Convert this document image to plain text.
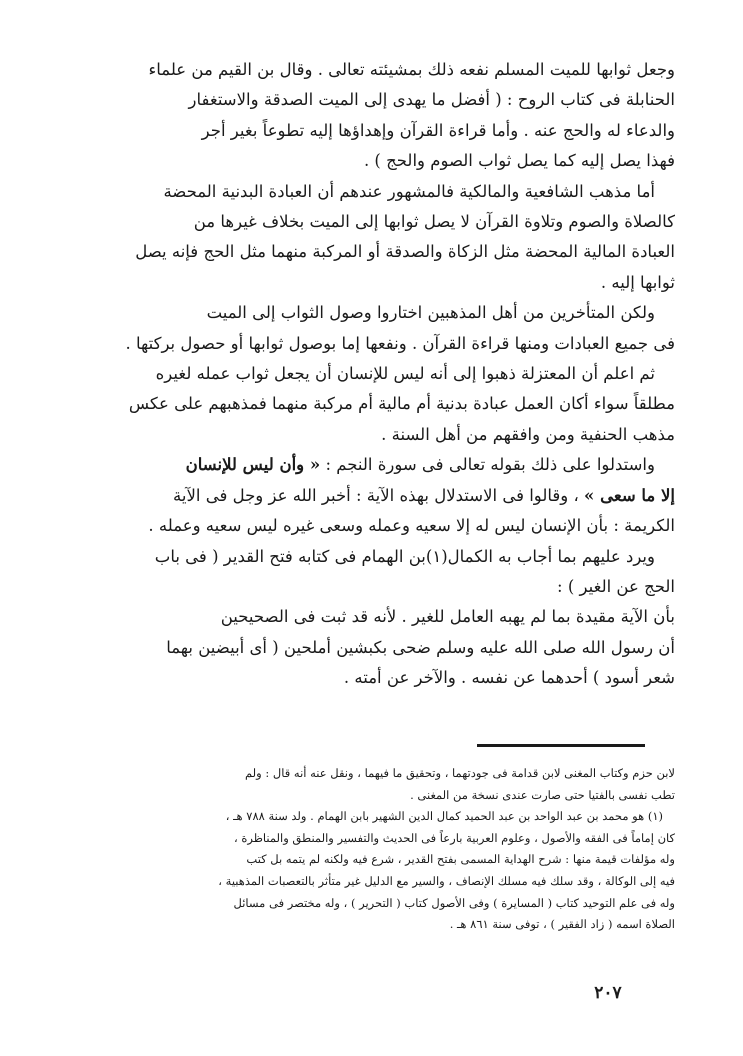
وجعل ثوابها للميت المسلم نفعه ذلك بمشيئته تعالى . وقال بن القيم من علماء
الحنابلة فى كتاب الروح : ( أفضل ما يهدى إلى الميت الصدقة والاستغفار
والدعاء له والحج عنه . وأما قراءة القرآن وإهداؤها إليه تطوعاً بغير أجر
فهذا يصل إليه كما يصل ثواب الصوم والحج ) .

أما مذهب الشافعية والمالكية فالمشهور عندهم أن العبادة البدنية المحضة
كالصلاة والصوم وتلاوة القرآن لا يصل ثوابها إلى الميت بخلاف غيرها من
العبادة المالية المحضة مثل الزكاة والصدقة أو المركبة منهما مثل الحج فإنه يصل
ثوابها إليه .

ولكن المتأخرين من أهل المذهبين اختاروا وصول الثواب إلى الميت
فى جميع العبادات ومنها قراءة القرآن . ونفعها إما بوصول ثوابها أو حصول بركتها .

ثم اعلم أن المعتزلة ذهبوا إلى أنه ليس للإنسان أن يجعل ثواب عمله لغيره
مطلقاً سواء أكان العمل عبادة بدنية أم مالية أم مركبة منهما فمذهبهم على عكس
مذهب الحنفية ومن وافقهم من أهل السنة .

واستدلوا على ذلك بقوله تعالى فى سورة النجم : « وأن ليس للإنسان
إلا ما سعى » ، وقالوا فى الاستدلال بهذه الآية : أخبر الله عز وجل فى الآية
الكريمة : بأن الإنسان ليس له إلا سعيه وعمله وسعى غيره ليس سعيه وعمله .

ويرد عليهم بما أجاب به الكمال(١)بن الهمام فى كتابه فتح القدير ( فى باب
الحج عن الغير ) :

بأن الآية مقيدة بما لم يهبه العامل للغير . لأنه قد ثبت فى الصحيحين
أن رسول الله صلى الله عليه وسلم ضحى بكبشين أملحين ( أى أبيضين بهما
شعر أسود ) أحدهما عن نفسه . والآخر عن أمته .

لابن حزم وكتاب المغنى لابن قدامة فى جودتهما ، وتحقيق ما فيهما ، ونقل عنه أنه قال : ولم
تطب نفسى بالفتيا حتى صارت عندى نسخة من المغنى .

(١) هو محمد بن عبد الواحد بن عبد الحميد كمال الدين الشهير بابن الهمام . ولد سنة ٧٨٨ هـ ،
كان إماماً فى الفقه والأصول ، وعلوم العربية بارعاً فى الحديث والتفسير والمنطق والمناظرة ،
وله مؤلفات قيمة منها : شرح الهداية المسمى بفتح القدير ، شرع فيه ولكنه لم يتمه بل كتب
فيه إلى الوكالة ، وقد سلك فيه مسلك الإنصاف ، والسير مع الدليل غير متأثر بالتعصبات المذهبية ،
وله فى علم التوحيد كتاب ( المسايرة ) وفى الأصول كتاب ( التحرير ) ، وله مختصر فى مسائل
الصلاة اسمه ( زاد الفقير ) ، توفى سنة ٨٦١ هـ .

٢٠٧
